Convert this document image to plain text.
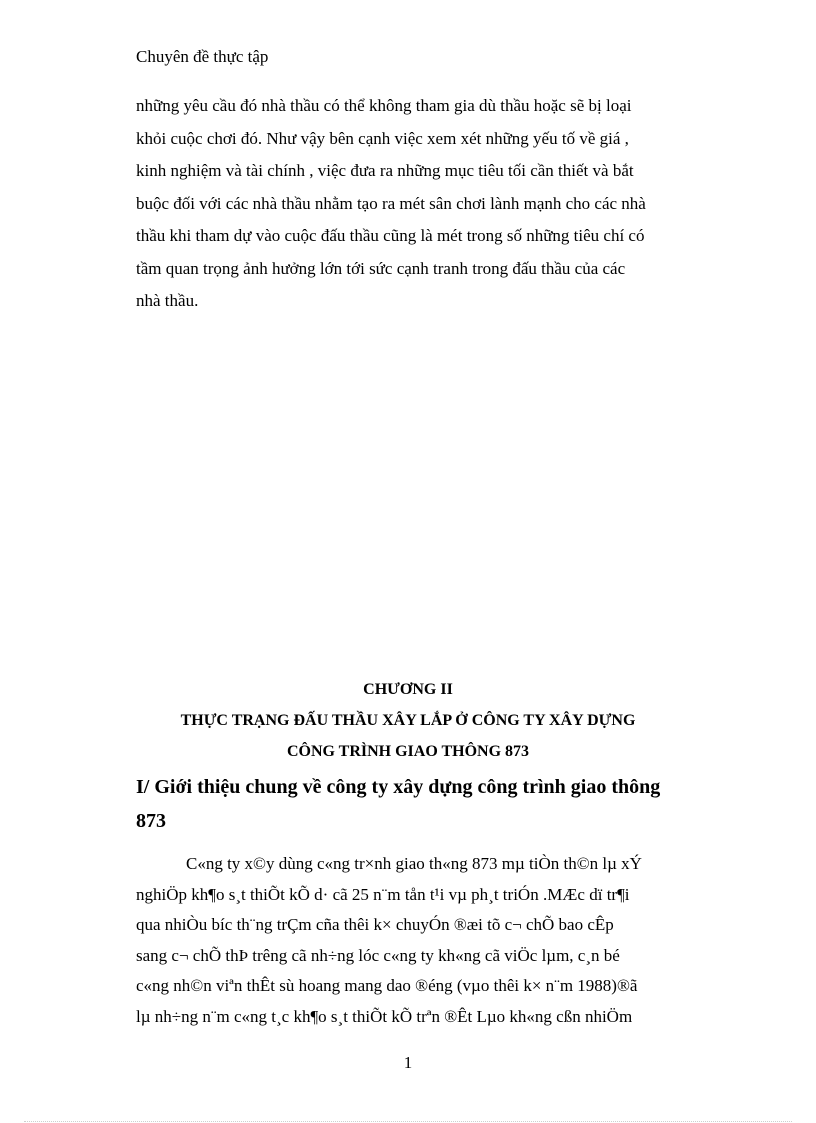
Chuyên đề thực tập
những yêu cầu đó nhà thầu có thể không tham gia dù thầu hoặc sẽ bị loại
khỏi cuộc chơi đó. Như vậy bên cạnh việc xem xét những yếu tố về giá ,
kinh nghiệm và tài chính , việc đưa ra những mục tiêu tối cần thiết và bắt
buộc đối với các nhà thầu nhằm tạo ra mét sân chơi lành mạnh cho các nhà
thầu khi tham dự vào cuộc đấu thầu cũng là mét trong số những tiêu chí có
tầm quan trọng ảnh hưởng lớn tới sức cạnh tranh trong đấu thầu của các
nhà thầu.
CHƯƠNG II
THỰC TRẠNG ĐẤU THẦU XÂY LẮP Ở CÔNG TY XÂY DỰNG
CÔNG TRÌNH GIAO THÔNG 873
I/ Giới thiệu chung về công ty xây dựng công trình giao thông
873
C«ng ty x©y dùng c«ng tr×nh giao th«ng 873 mµ tiÒn th©n lµ xÝ
nghiÖp kh¶o s¸t thiÕt kÕ d· cã 25 n¨m tån t¹i vµ ph¸t triÓn .MÆc dï tr¶i
qua nhiÒu bíc th¨ng trÇm cña thêi k× chuyÓn ®æi tõ c¬ chÕ bao cÊp
sang c¬ chÕ thÞ trêng cã nh÷ng lóc c«ng ty kh«ng cã viÖc lµm, c¸n bé
c«ng nh©n viªn thÊt sù hoang mang dao ®éng (vµo thêi k× n¨m 1988)®ã
lµ nh÷ng n¨m c«ng t¸c kh¶o s¸t thiÕt kÕ trªn ®Êt Lµo kh«ng cßn nhiÖm
1
